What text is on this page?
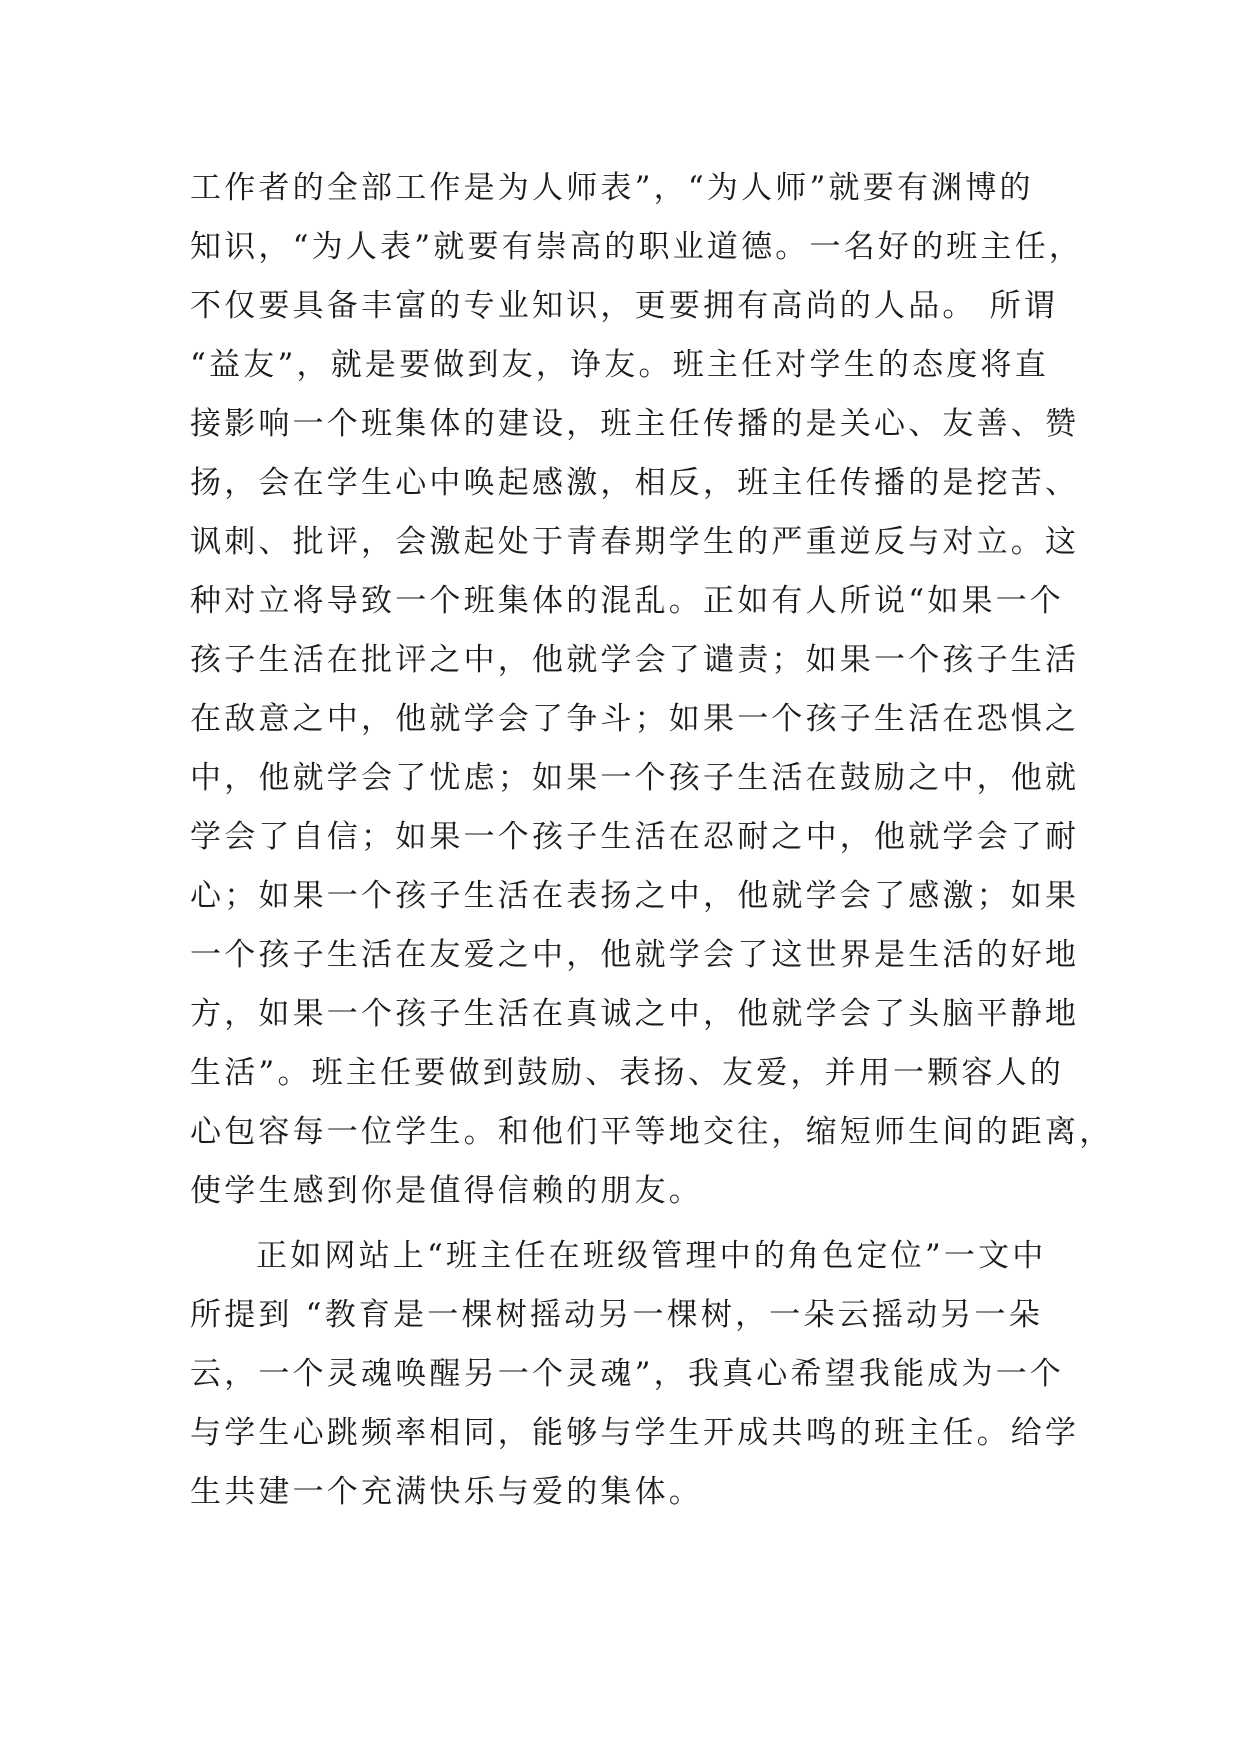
工作者的全部工作是为人师表”，“为人师”就要有渊博的
知识，“为人表”就要有崇高的职业道德。一名好的班主任，
不仅要具备丰富的专业知识，更要拥有高尚的人品。 所谓
“益友”，就是要做到友，诤友。班主任对学生的态度将直
接影响一个班集体的建设，班主任传播的是关心、友善、赞
扬，会在学生心中唤起感激，相反，班主任传播的是挖苦、
讽刺、批评，会激起处于青春期学生的严重逆反与对立。这
种对立将导致一个班集体的混乱。正如有人所说“如果一个
孩子生活在批评之中，他就学会了谴责；如果一个孩子生活
在敌意之中，他就学会了争斗；如果一个孩子生活在恐惧之
中，他就学会了忧虑；如果一个孩子生活在鼓励之中，他就
学会了自信；如果一个孩子生活在忍耐之中，他就学会了耐
心；如果一个孩子生活在表扬之中，他就学会了感激；如果
一个孩子生活在友爱之中，他就学会了这世界是生活的好地
方，如果一个孩子生活在真诚之中，他就学会了头脑平静地
生活”。班主任要做到鼓励、表扬、友爱，并用一颗容人的
心包容每一位学生。和他们平等地交往，缩短师生间的距离，
使学生感到你是值得信赖的朋友。
正如网站上“班主任在班级管理中的角色定位”一文中
所提到 “教育是一棵树摇动另一棵树，一朵云摇动另一朵
云，一个灵魂唤醒另一个灵魂”，我真心希望我能成为一个
与学生心跳频率相同，能够与学生开成共鸣的班主任。给学
生共建一个充满快乐与爱的集体。
